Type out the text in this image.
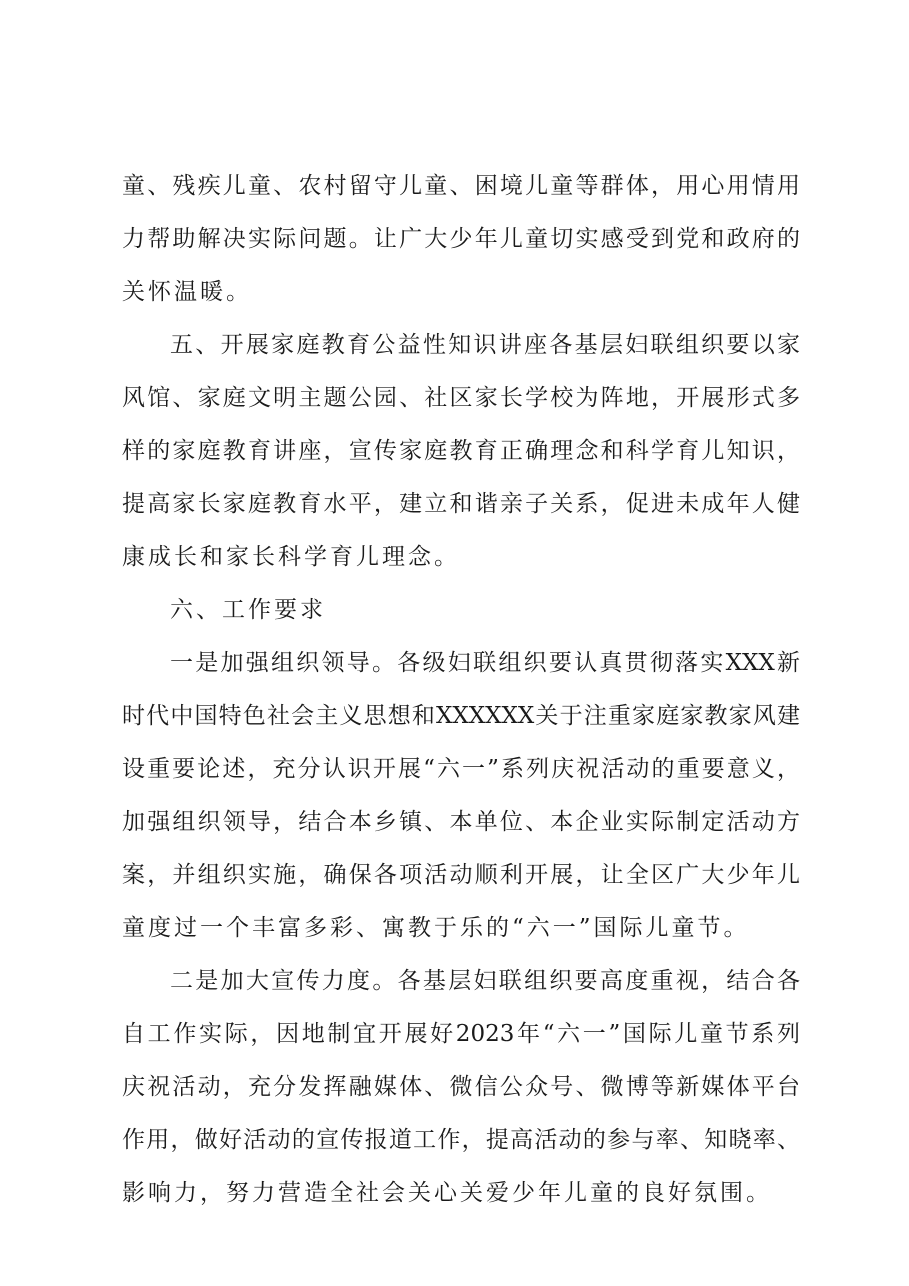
童、残疾儿童、农村留守儿童、困境儿童等群体，用心用情用
力帮助解决实际问题。让广大少年儿童切实感受到党和政府的
关怀温暖。
五、开展家庭教育公益性知识讲座各基层妇联组织要以家
风馆、家庭文明主题公园、社区家长学校为阵地，开展形式多
样的家庭教育讲座，宣传家庭教育正确理念和科学育儿知识，
提高家长家庭教育水平，建立和谐亲子关系，促进未成年人健
康成长和家长科学育儿理念。
六、工作要求
一是加强组织领导。各级妇联组织要认真贯彻落实XXX新
时代中国特色社会主义思想和XXXXXX关于注重家庭家教家风建
设重要论述，充分认识开展“六一”系列庆祝活动的重要意义，
加强组织领导，结合本乡镇、本单位、本企业实际制定活动方
案，并组织实施，确保各项活动顺利开展，让全区广大少年儿
童度过一个丰富多彩、寓教于乐的“六一”国际儿童节。
二是加大宣传力度。各基层妇联组织要高度重视，结合各
自工作实际，因地制宜开展好2023年“六一”国际儿童节系列
庆祝活动，充分发挥融媒体、微信公众号、微博等新媒体平台
作用，做好活动的宣传报道工作，提高活动的参与率、知晓率、
影响力，努力营造全社会关心关爱少年儿童的良好氛围。
